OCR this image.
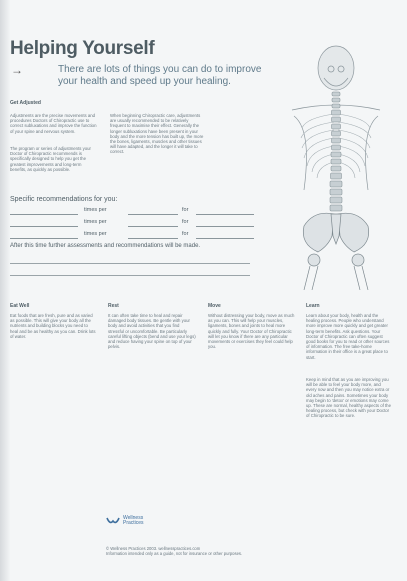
Helping Yourself
→	There are lots of things you can do to improve your health and speed up your healing.
Get Adjusted
Adjustments are the precise movements and procedures Doctors of Chiropractic use to correct subluxations and improve the function of your spine and nervous system.
The program or series of adjustments your Doctor of Chiropractic recommends is specifically designed to help you get the greatest improvements and long-term benefits, as quickly as possible.
When beginning Chiropractic care, adjustments are usually recommended to be relatively frequent to maximise their effect. Generally the longer subluxations have been present in your body and the more tension has built up, the more the bones, ligaments, muscles and other tissues will have adapted, and the longer it will take to correct.
Specific recommendations for you:
times per	for
times per	for
times per	for
After this time further assessments and recommendations will be made.
Eat Well
Eat foods that are fresh, pure and as varied as possible. This will give your body all the nutrients and building blocks you need to heal and be as healthy as you can. Drink lots of water.
Rest
It can often take time to heal and repair damaged body tissues. Be gentle with your body and avoid activities that you find stressful or uncomfortable. Be particularly careful lifting objects (bend and use your legs) and reduce having your spine on top of your pelvis.
Move
Without distressing your body, move as much as you can. This will help your muscles, ligaments, bones and joints to heal more quickly and fully. Your Doctor of Chiropractic will let you know if there are any particular movements or exercises they feel could help you.
Learn
Learn about your body, health and the healing process. People who understand more improve more quickly and get greater long-term benefits. Ask questions. Your Doctor of Chiropractic can often suggest good books for you to read or other sources of information. The free take-home information in their office is a great place to start.
Keep in mind that as you are improving you will be able to feel your body more, and every now and then you may notice extra or old aches and pains. Sometimes your body may begin to 'detox' or emotions may come up. These are normal, healthy aspects of the healing process, but check with your Doctor of Chiropractic to be sure.
Wellness
Practices
© Wellness Practices 2003. wellnesspractices.com
Information intended only as a guide, not for insurance or other purposes.
